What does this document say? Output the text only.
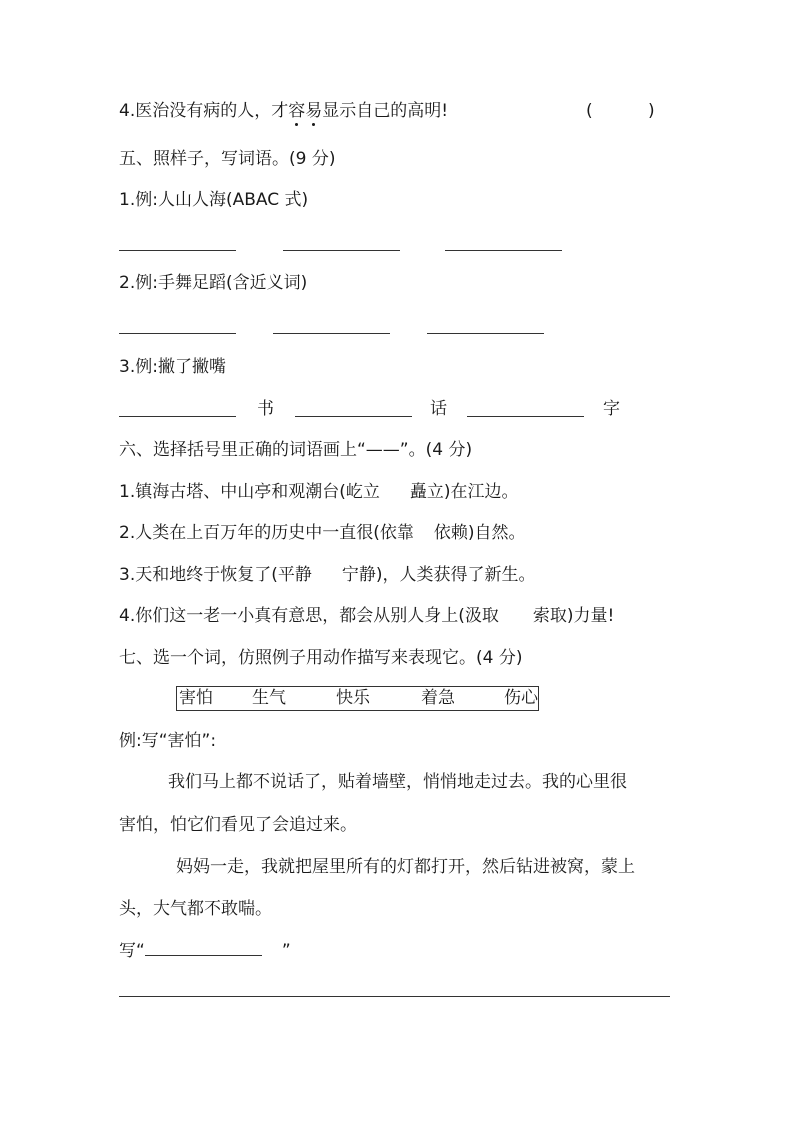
4.医治没有病的人，才容易显示自己的高明!	(	)
五、照样子，写词语。(9 分)
1.例:人山人海(ABAC 式)
2.例:手舞足蹈(含近义词)
3.例:撇了撇嘴
书	话	字
六、选择括号里正确的词语画上“——”。(4 分)
1.镇海古塔、中山亭和观潮台(屹立 矗立)在江边。
2.人类在上百万年的历史中一直很(依靠 依赖)自然。
3.天和地终于恢复了(平静 宁静)，人类获得了新生。
4.你们这一老一小真有意思，都会从别人身上(汲取 索取)力量!
七、选一个词，仿照例子用动作描写来表现它。(4 分)
害怕 生气	快乐	着急	伤心
例:写“害怕”:
我们马上都不说话了，贴着墙壁，悄悄地走过去。我的心里很
害怕，怕它们看见了会追过来。
妈妈一走，我就把屋里所有的灯都打开，然后钻进被窝，蒙上
头，大气都不敢喘。
写“	”
